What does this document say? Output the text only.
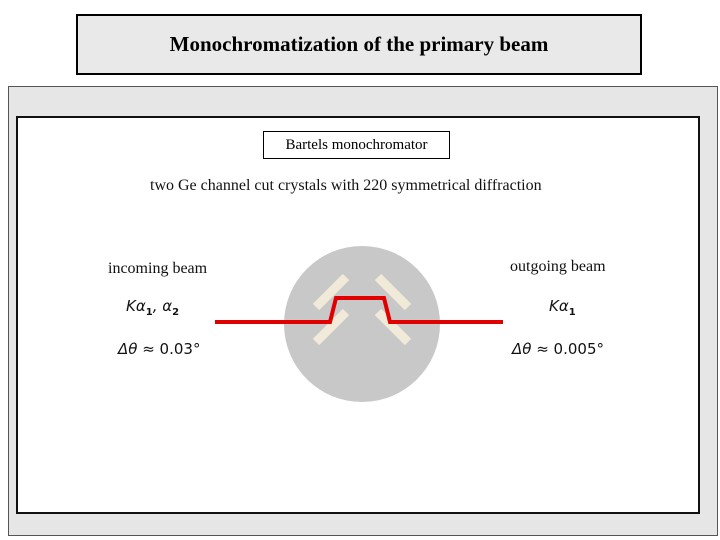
Monochromatization of the primary beam
Bartels monochromator
two Ge channel cut crystals with 220 symmetrical diffraction
incoming beam	outgoing beam
$K\alpha_1$, $\alpha_2$
Δθ ≈ 0.03°
$K\alpha_1$
Δθ ≈ 0.005°
